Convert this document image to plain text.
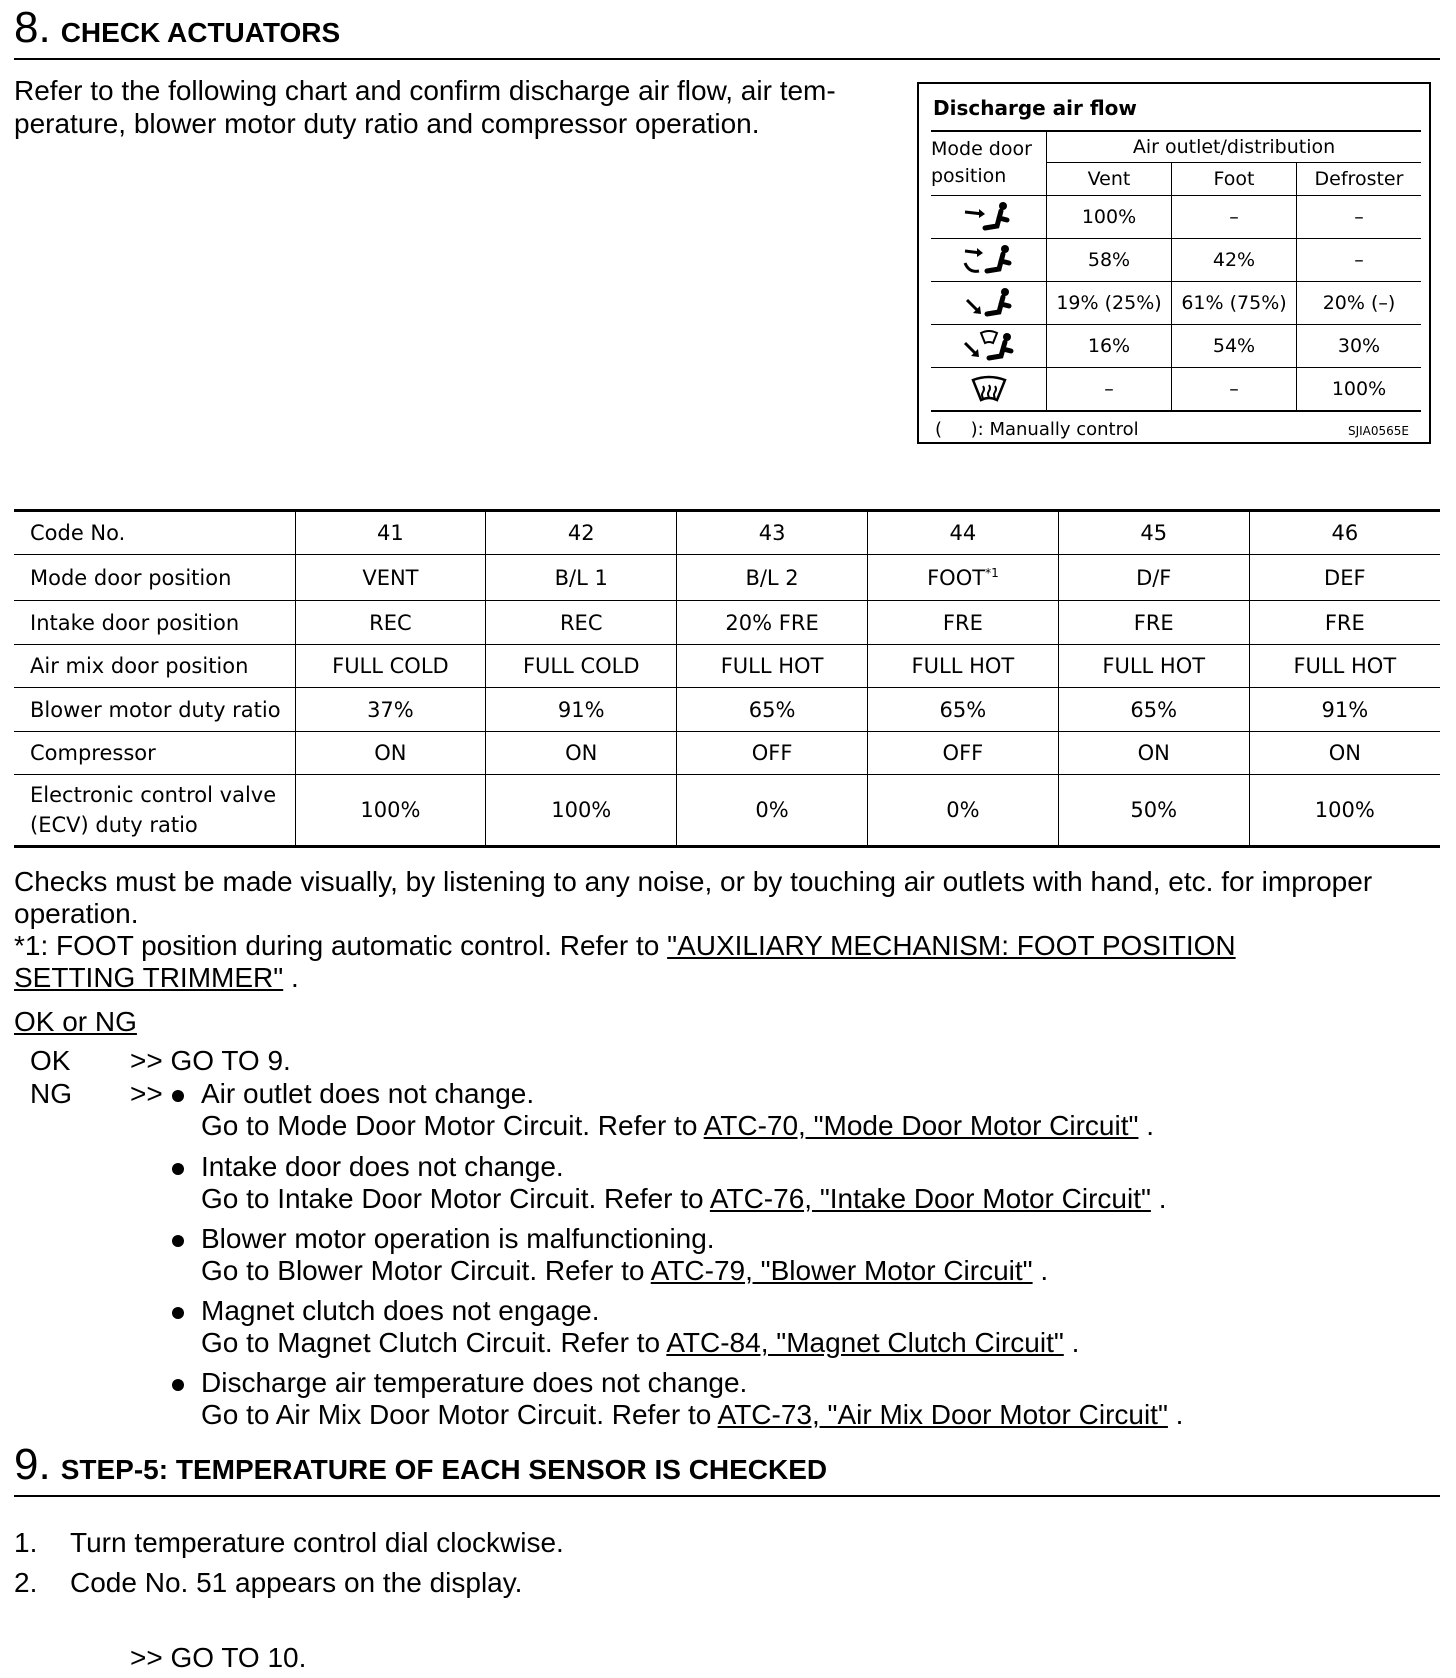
8. CHECK ACTUATORS
Refer to the following chart and confirm discharge air flow, air tem-
perature, blower motor duty ratio and compressor operation.	Discharge air flow
Mode door
position	Air outlet/distribution		
	Vent	Foot	Defroster

	100%	–	–

	58%	42%	–

	19% (25%)	61% (75%)	20% (–)

	16%	54%	30%

	–	–	100%
(     ): Manually control	SJIA0565E
Code No.	41	42	43	44	45	46
Mode door position	VENT	B/L 1	B/L 2	FOOT$^{*1}$	D/F	DEF
Intake door position	REC	REC	20% FRE	FRE	FRE	FRE
Air mix door position	FULL COLD	FULL COLD	FULL HOT	FULL HOT	FULL HOT	FULL HOT
Blower motor duty ratio	37%	91%	65%	65%	65%	91%
Compressor	ON	ON	OFF	OFF	ON	ON
Electronic control valve
(ECV) duty ratio	100%	100%	0%	0%	50%	100%
Checks must be made visually, by listening to any noise, or by touching air outlets with hand, etc. for improper
operation.
*1: FOOT position during automatic control. Refer to "AUXILIARY MECHANISM: FOOT POSITION
SETTING TRIMMER" .
OK or NG
OK >> GO TO 9.
NG >>	Air outlet does not change.
Go to Mode Door Motor Circuit. Refer to ATC-70, "Mode Door Motor Circuit" .
Intake door does not change.
Go to Intake Door Motor Circuit. Refer to ATC-76, "Intake Door Motor Circuit" .
Blower motor operation is malfunctioning.
Go to Blower Motor Circuit. Refer to ATC-79, "Blower Motor Circuit" .
Magnet clutch does not engage.
Go to Magnet Clutch Circuit. Refer to ATC-84, "Magnet Clutch Circuit" .
Discharge air temperature does not change.
Go to Air Mix Door Motor Circuit. Refer to ATC-73, "Air Mix Door Motor Circuit" .
9. STEP-5: TEMPERATURE OF EACH SENSOR IS CHECKED
1. Turn temperature control dial clockwise.
2. Code No. 51 appears on the display.
>> GO TO 10.
